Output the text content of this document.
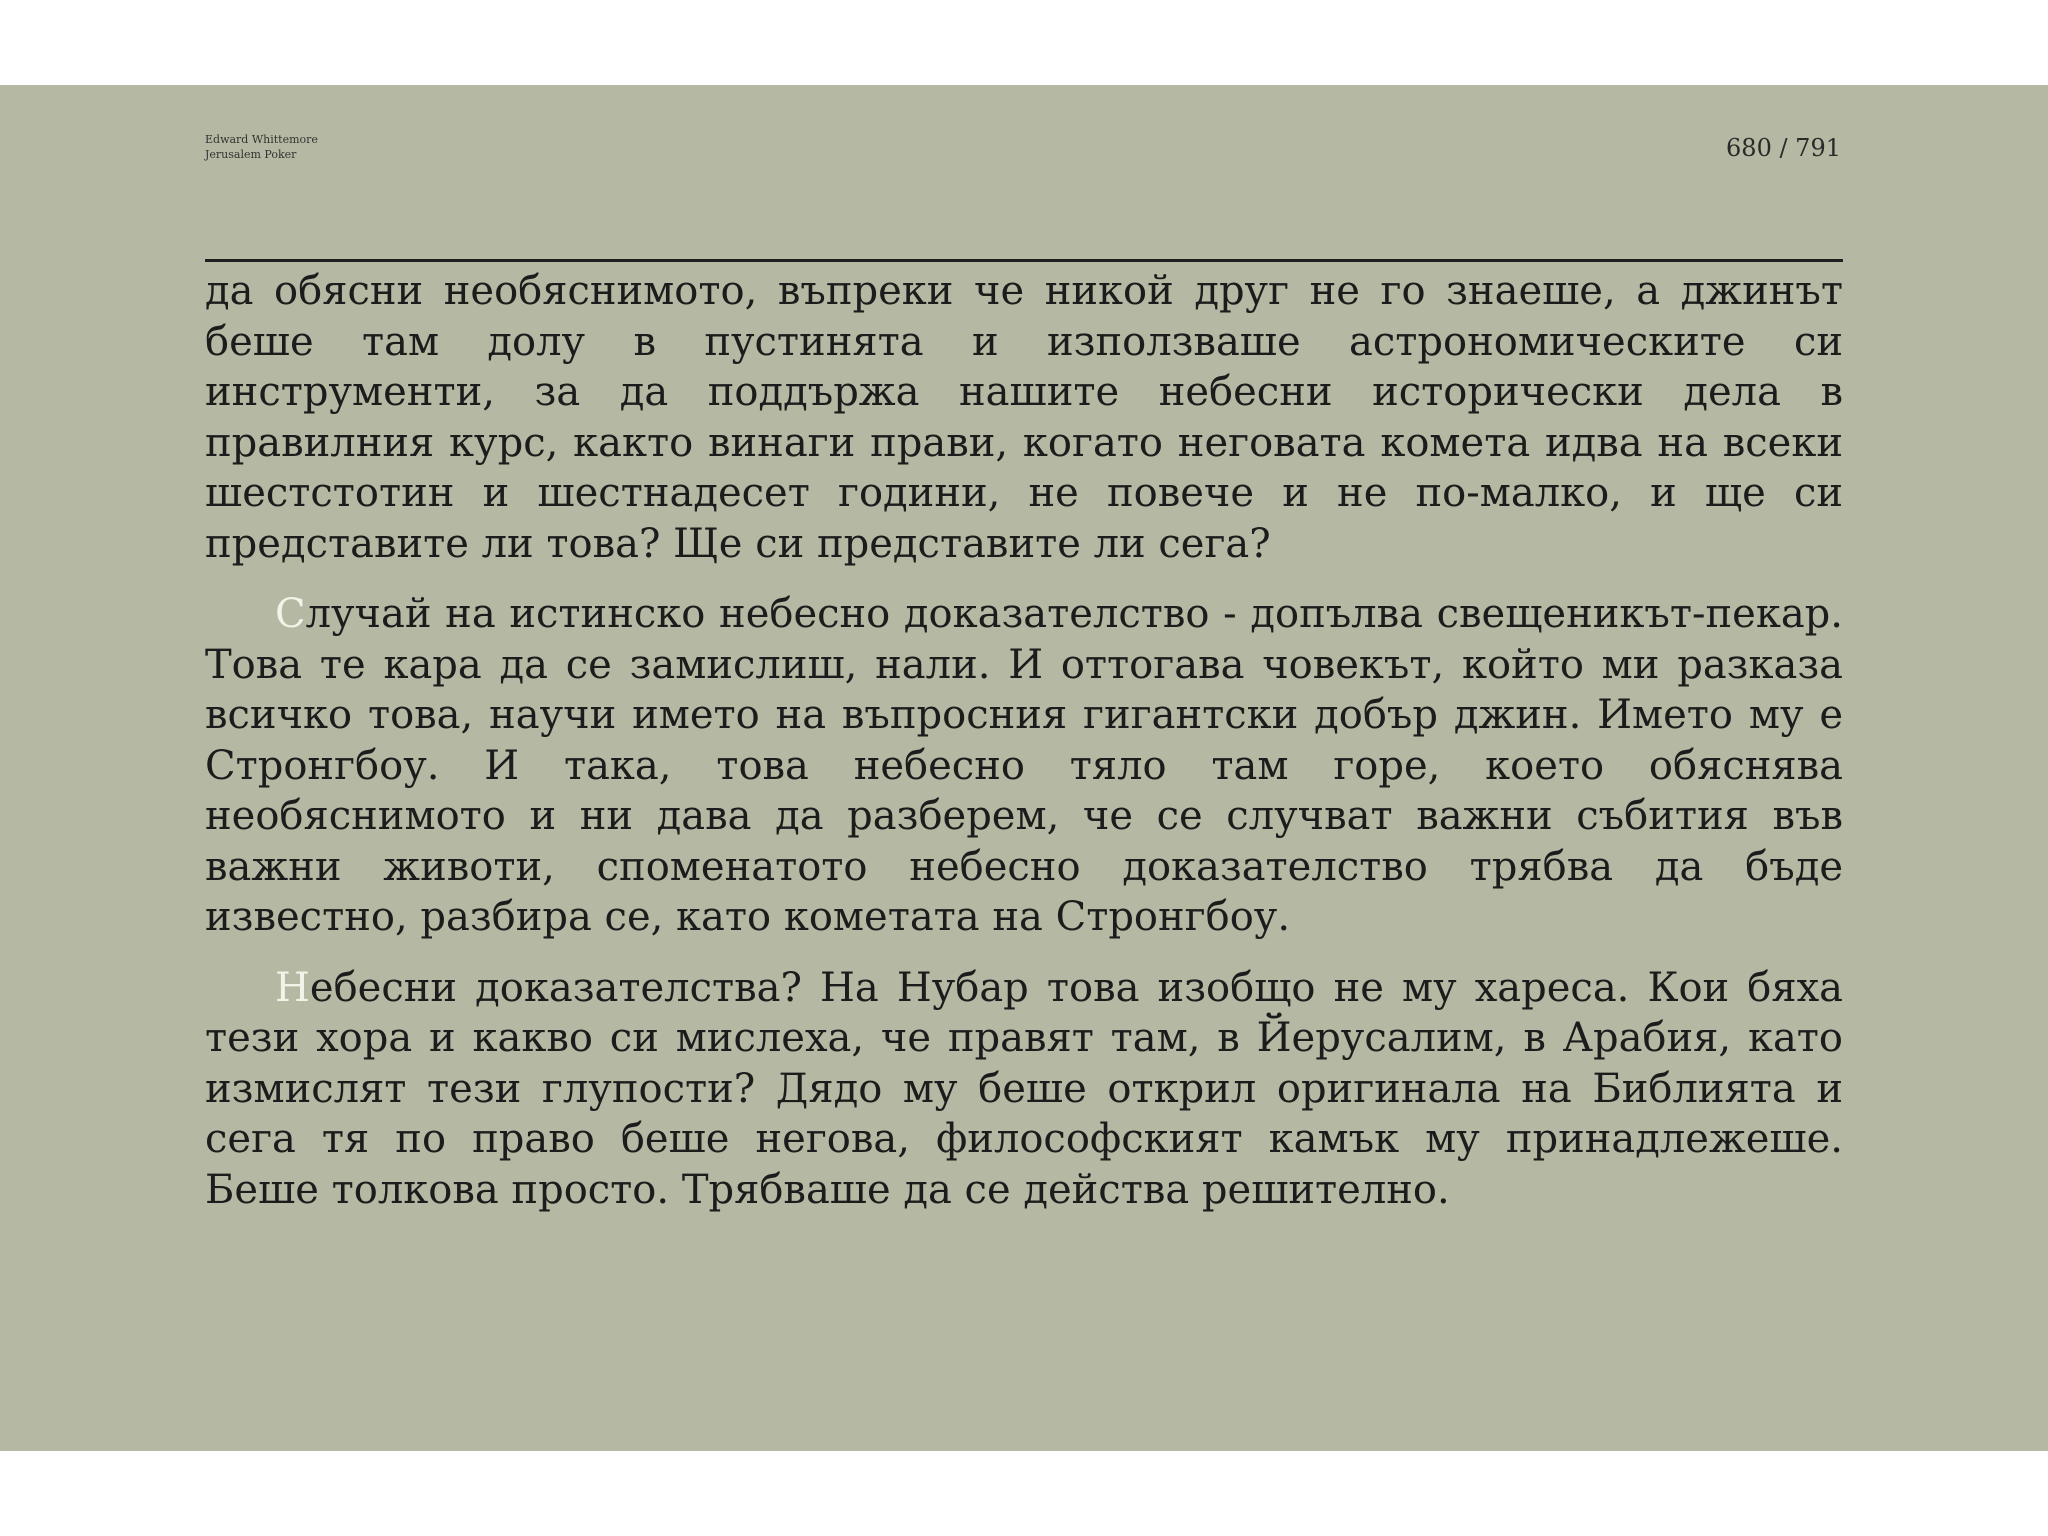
Edward Whittemore
Jerusalem Poker	680 / 791

да обясни необяснимото, въпреки че никой друг не го знаеше, а джинът беше там долу в пустинята и използваше астрономическите си инструменти, за да поддържа нашите небесни исторически дела в правилния курс, както винаги прави, когато неговата комета идва на всеки шестстотин и шестнадесет години, не повече и не по-малко, и ще си представите ли това? Ще си представите ли сега?

Случай на истинско небесно доказателство - допълва свещеникът-пекар. Това те кара да се замислиш, нали. И оттогава човекът, който ми разказа всичко това, научи името на въпросния гигантски добър джин. Името му е Стронгбоу. И така, това небесно тяло там горе, което обяснява необяснимото и ни дава да разберем, че се случват важни събития във важни животи, споменатото небесно доказателство трябва да бъде известно, разбира се, като кометата на Стронгбоу.

Небесни доказателства? На Нубар това изобщо не му хареса. Кои бяха тези хора и какво си мислеха, че правят там, в Йерусалим, в Арабия, като измислят тези глупости? Дядо му беше открил оригинала на Библията и сега тя по право беше негова, философският камък му принадлежеше. Беше толкова просто. Трябваше да се действа решително.
